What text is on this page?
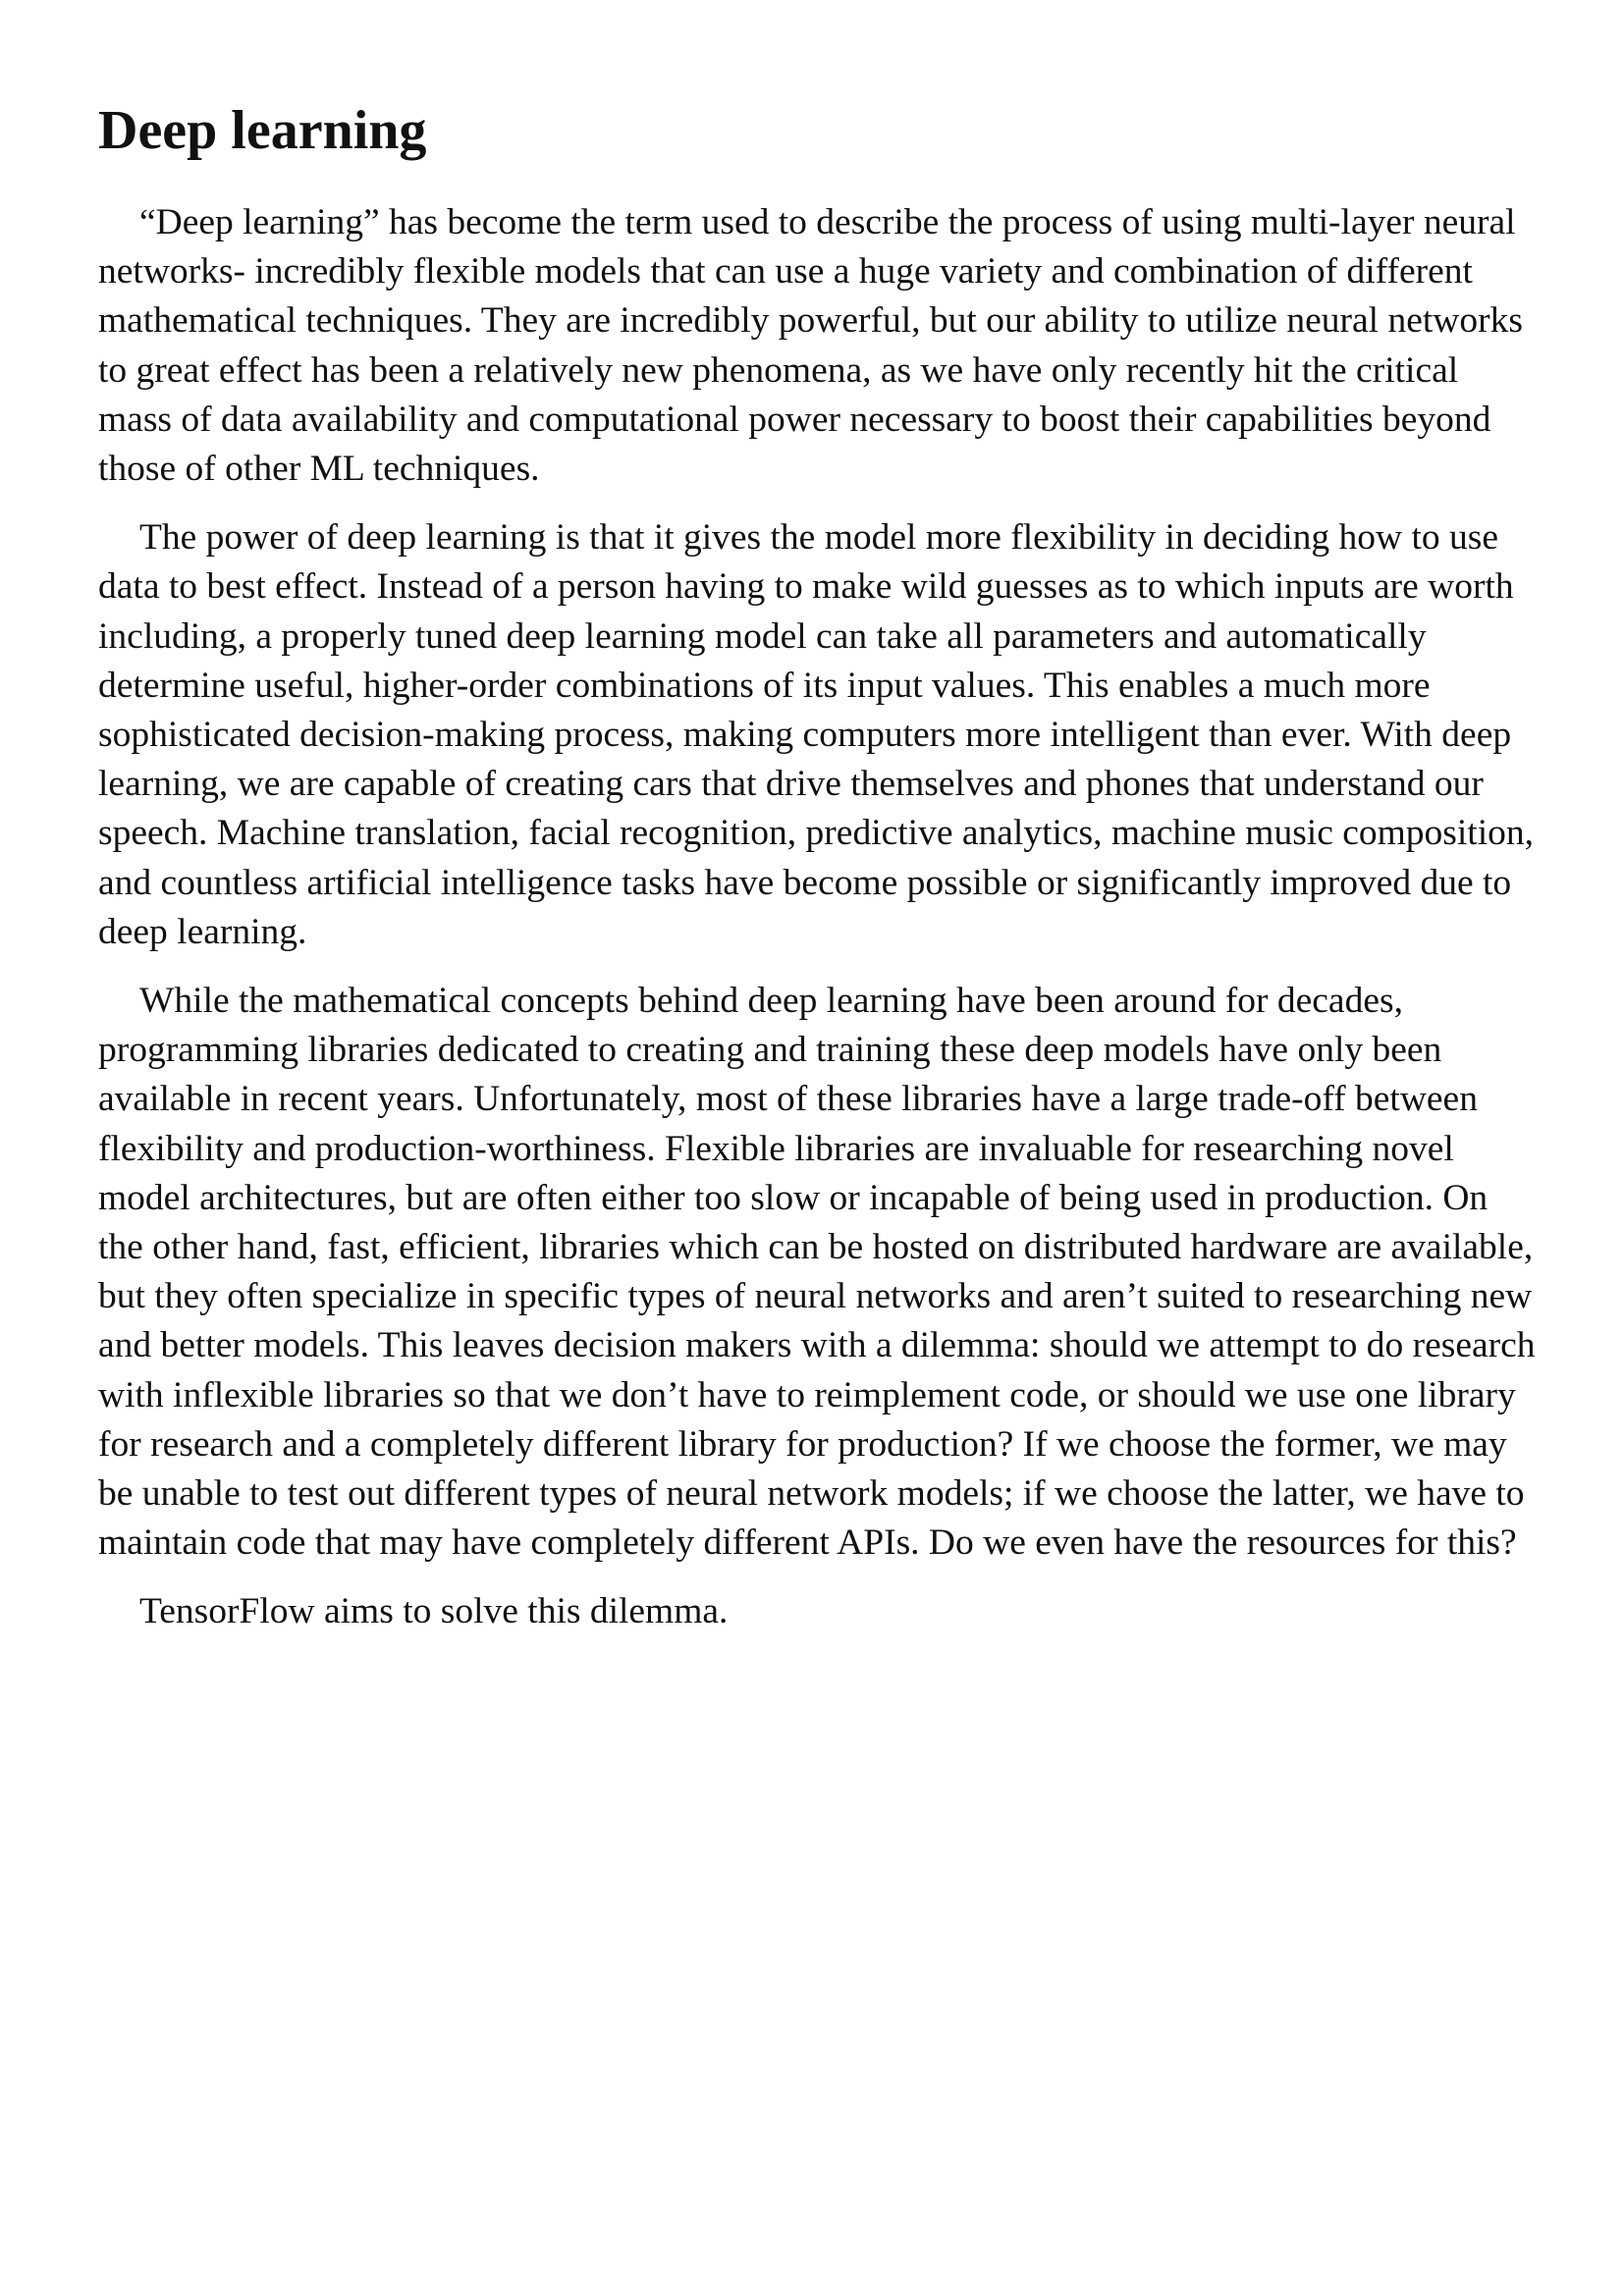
Deep learning

“Deep learning” has become the term used to describe the process of using multi-layer neural networks- incredibly flexible models that can use a huge variety and combination of different mathematical techniques. They are incredibly powerful, but our ability to utilize neural networks to great effect has been a relatively new phenomena, as we have only recently hit the critical mass of data availability and computational power necessary to boost their capabilities beyond those of other ML techniques.

The power of deep learning is that it gives the model more flexibility in deciding how to use data to best effect. Instead of a person having to make wild guesses as to which inputs are worth including, a properly tuned deep learning model can take all parameters and automatically determine useful, higher-order combinations of its input values. This enables a much more sophisticated decision-making process, making computers more intelligent than ever. With deep learning, we are capable of creating cars that drive themselves and phones that understand our speech. Machine translation, facial recognition, predictive analytics, machine music composition, and countless artificial intelligence tasks have become possible or significantly improved due to deep learning.

While the mathematical concepts behind deep learning have been around for decades, programming libraries dedicated to creating and training these deep models have only been available in recent years. Unfortunately, most of these libraries have a large trade-off between flexibility and production-worthiness. Flexible libraries are invaluable for researching novel model architectures, but are often either too slow or incapable of being used in production. On the other hand, fast, efficient, libraries which can be hosted on distributed hardware are available, but they often specialize in specific types of neural networks and aren’t suited to researching new and better models. This leaves decision makers with a dilemma: should we attempt to do research with inflexible libraries so that we don’t have to reimplement code, or should we use one library for research and a completely different library for production? If we choose the former, we may be unable to test out different types of neural network models; if we choose the latter, we have to maintain code that may have completely different APIs. Do we even have the resources for this?

TensorFlow aims to solve this dilemma.
